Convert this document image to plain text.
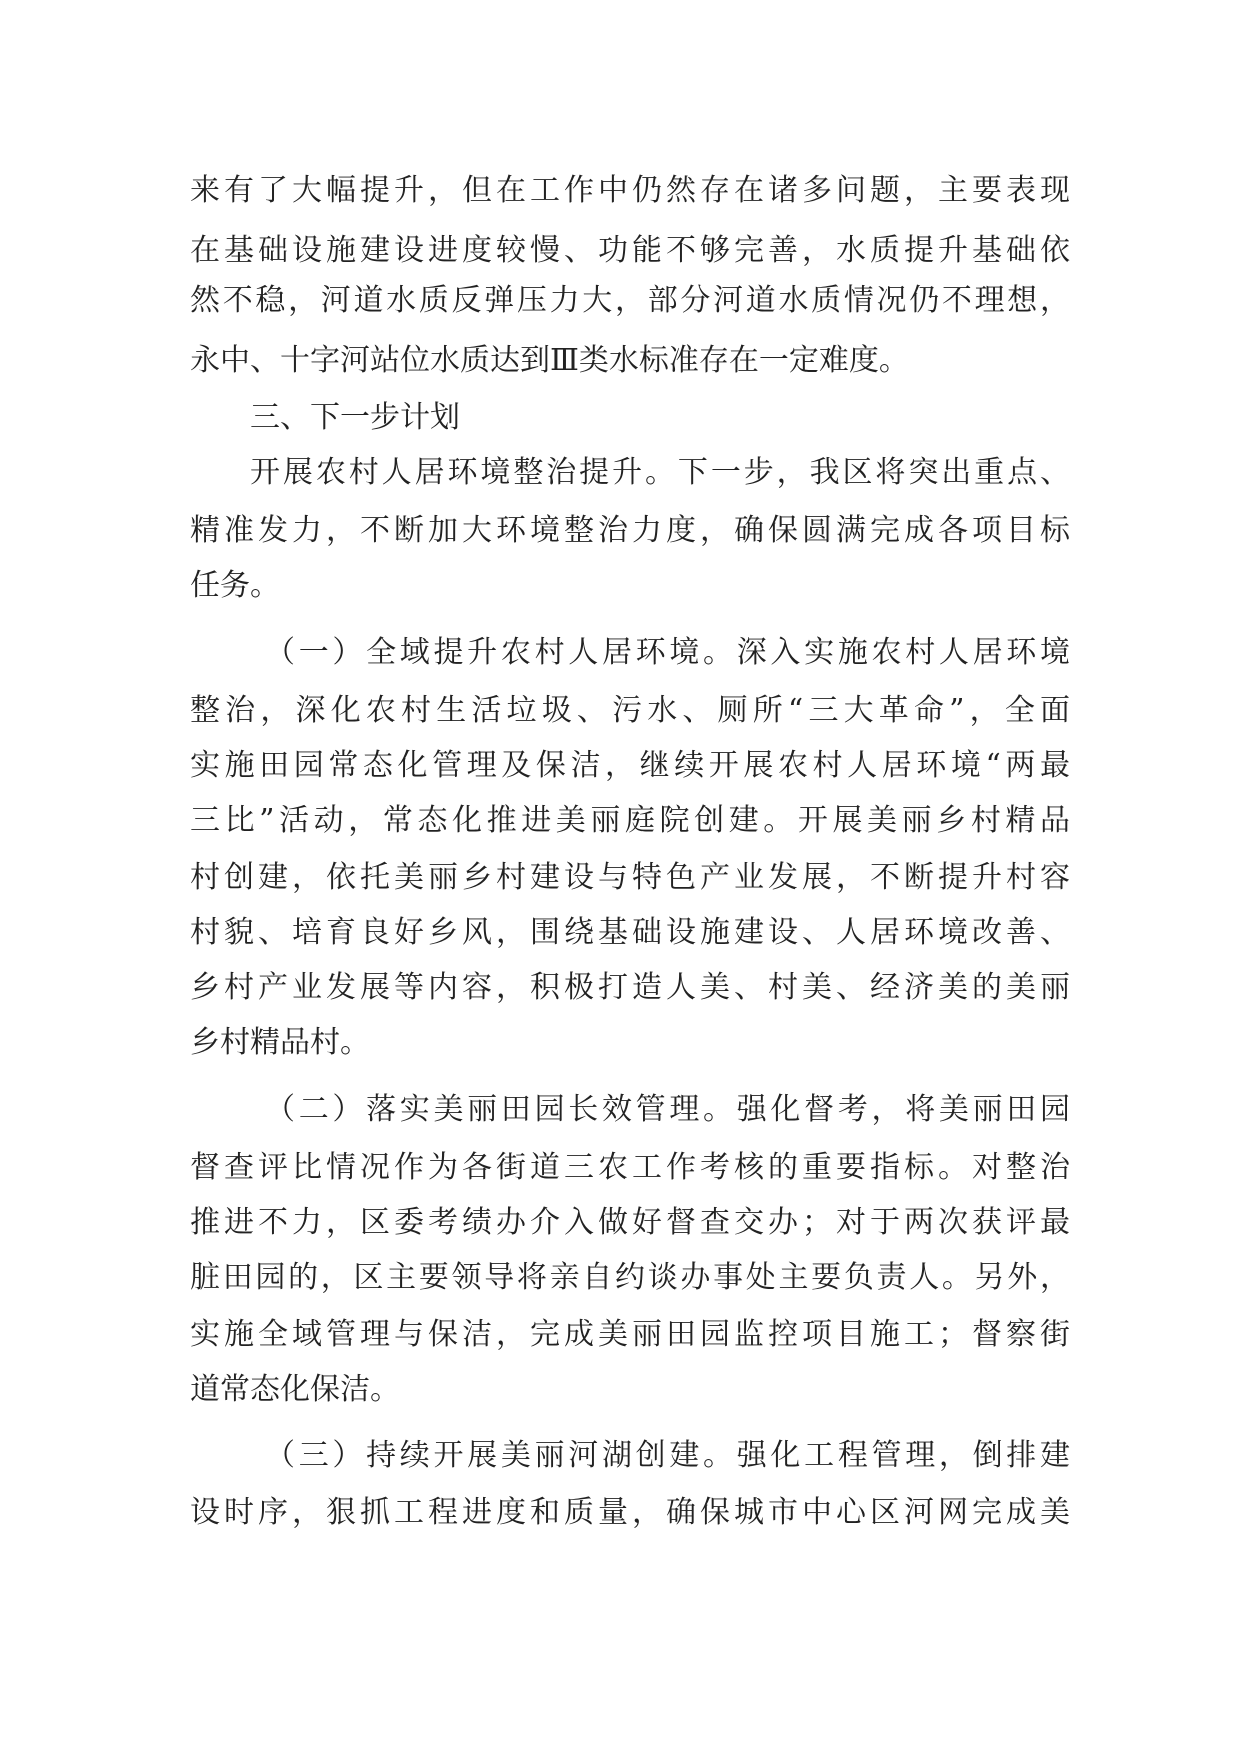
来有了大幅提升，但在工作中仍然存在诸多问题，主要表现
在基础设施建设进度较慢、功能不够完善，水质提升基础依
然不稳，河道水质反弹压力大，部分河道水质情况仍不理想，
永中、十字河站位水质达到Ⅲ类水标准存在一定难度。
三、下一步计划
开展农村人居环境整治提升。下一步，我区将突出重点、
精准发力，不断加大环境整治力度，确保圆满完成各项目标
任务。
（一）全域提升农村人居环境。深入实施农村人居环境
整治，深化农村生活垃圾、污水、厕所“三大革命”，全面
实施田园常态化管理及保洁，继续开展农村人居环境“两最
三比”活动，常态化推进美丽庭院创建。开展美丽乡村精品
村创建，依托美丽乡村建设与特色产业发展，不断提升村容
村貌、培育良好乡风，围绕基础设施建设、人居环境改善、
乡村产业发展等内容，积极打造人美、村美、经济美的美丽
乡村精品村。
（二）落实美丽田园长效管理。强化督考，将美丽田园
督查评比情况作为各街道三农工作考核的重要指标。对整治
推进不力，区委考绩办介入做好督查交办；对于两次获评最
脏田园的，区主要领导将亲自约谈办事处主要负责人。另外，
实施全域管理与保洁，完成美丽田园监控项目施工；督察街
道常态化保洁。
（三）持续开展美丽河湖创建。强化工程管理，倒排建
设时序，狠抓工程进度和质量，确保城市中心区河网完成美
